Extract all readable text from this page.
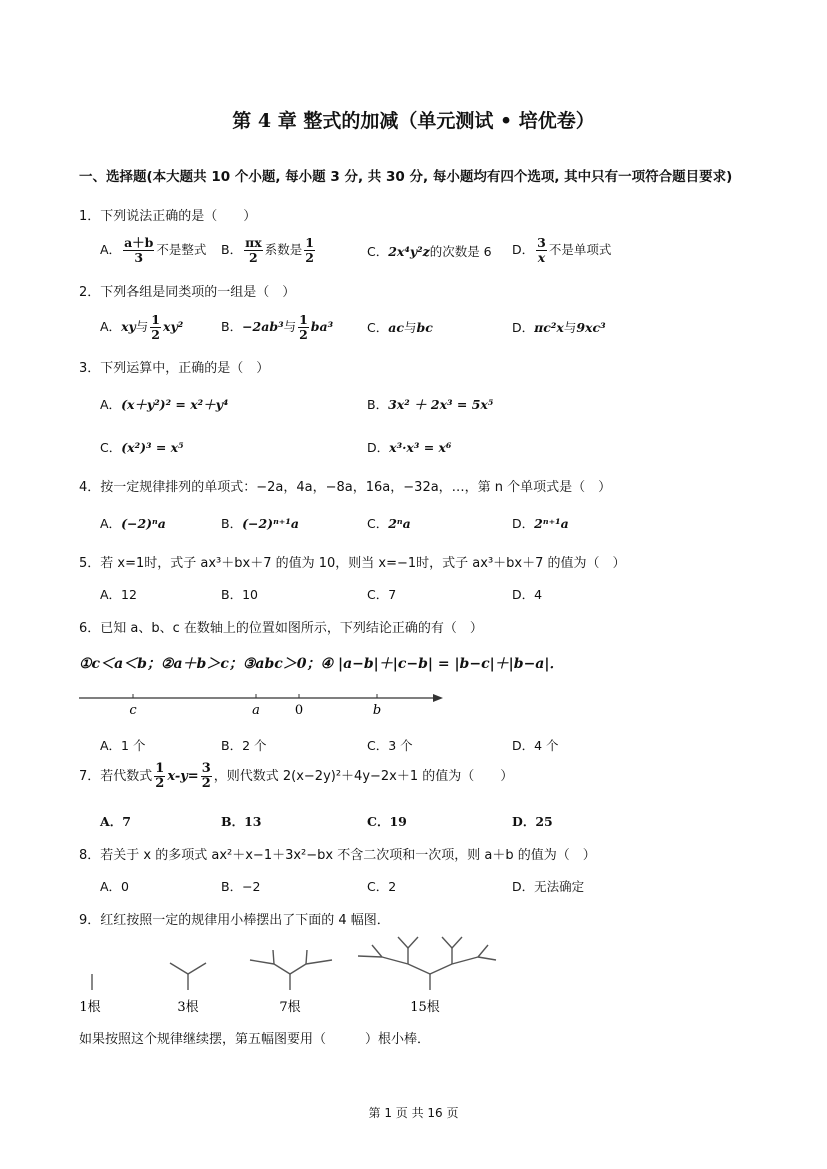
第 4 章 整式的加减（单元测试 • 培优卷）
一、选择题(本大题共 10 个小题, 每小题 3 分, 共 30 分, 每小题均有四个选项, 其中只有一项符合题目要求)
1．下列说法正确的是（　　）
A． $\frac{a+b}{3}$ 不是整式 B． $\frac{\pi x}{2}$ 系数是 $\frac{1}{2}$	C．2x⁴y²z的次数是 6 D． $\frac{3}{x}$ 不是单项式
2．下列各组是同类项的一组是（　）
A．xy与 $\frac{1}{2} xy^2$	B．−2ab³与 $\frac{1}{2} ba^3$	C．ac与bc	D．πc²x与9xc³
3．下列运算中，正确的是（　）
A．(x＋y²)² = x²＋y⁴	B．3x² ＋ 2x³ = 5x⁵
C．(x²)³ = x⁵	D．x³·x³ = x⁶
4．按一定规律排列的单项式：−2a，4a，−8a，16a，−32a，…，第 n 个单项式是（　）
A．(−2)ⁿa	B．(−2)ⁿ⁺¹a	C．2ⁿa	D．2ⁿ⁺¹a
5．若 x=1时，式子 ax³＋bx＋7 的值为 10，则当 x=−1时，式子 ax³＋bx＋7 的值为（　）
A．12	B．10	C．7	D．4
6．已知 a、b、c 在数轴上的位置如图所示，下列结论正确的有（　）
①c＜a＜b；②a＋b＞c；③abc＞0；④ |a−b|＋|c−b| = |b−c|＋|b−a|．
c	a	0	b
A．1 个	B．2 个	C．3 个	D．4 个
7．若代数式 $\frac{1}{2} x-y= \frac{3}{2}$ ，则代数式 2(x−2y)²＋4y−2x＋1 的值为（　　）
A．7	B．13	C．19	D．25
8．若关于 x 的多项式 ax²＋x−1＋3x²−bx 不含二次项和一次项，则 a＋b 的值为（　）
A．0	B．−2	C．2	D．无法确定
9．红红按照一定的规律用小棒摆出了下面的 4 幅图．
1根	3根	7根	15根
如果按照这个规律继续摆，第五幅图要用（　　　）根小棒．
第 1 页 共 16 页
